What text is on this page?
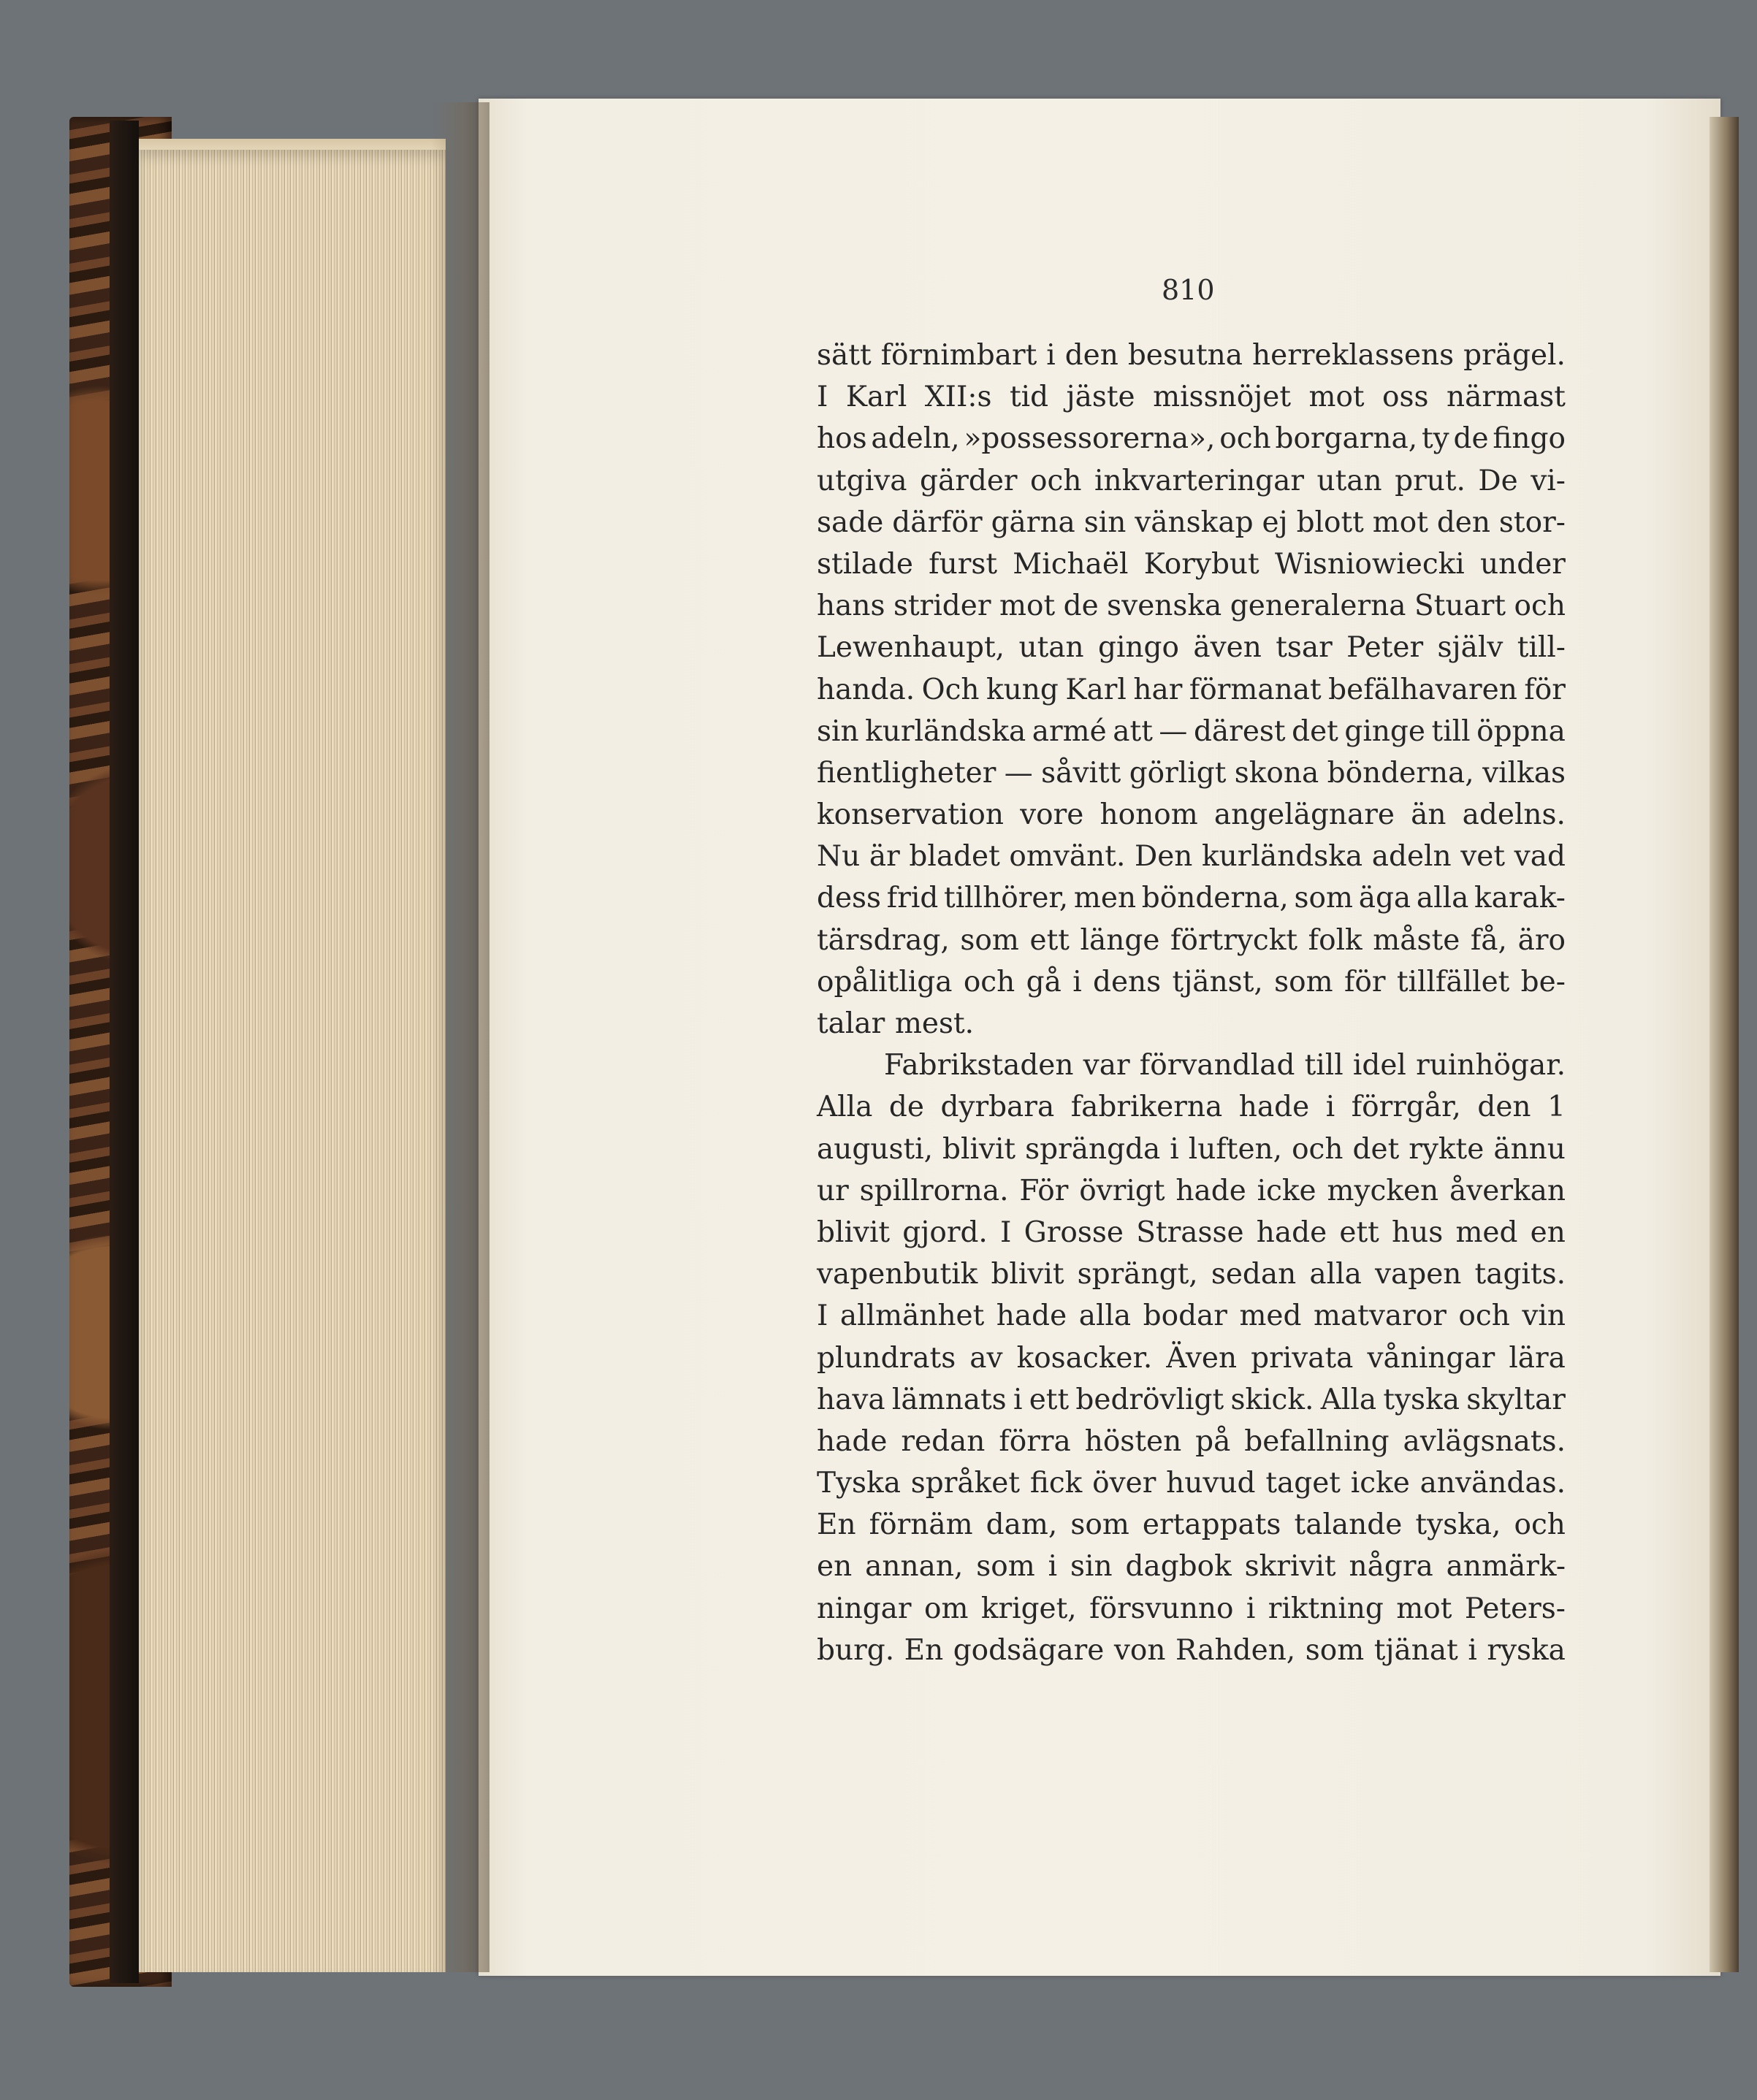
810
sätt förnimbart i den besutna herreklassens prägel.
I Karl XII:s tid jäste missnöjet mot oss närmast
hos adeln, »possessorerna», och borgarna, ty de fingo
utgiva gärder och inkvarteringar utan prut. De vi-
sade därför gärna sin vänskap ej blott mot den stor-
stilade furst Michaël Korybut Wisniowiecki under
hans strider mot de svenska generalerna Stuart och
Lewenhaupt, utan gingo även tsar Peter själv till-
handa. Och kung Karl har förmanat befälhavaren för
sin kurländska armé att — därest det ginge till öppna
fientligheter — såvitt görligt skona bönderna, vilkas
konservation vore honom angelägnare än adelns.
Nu är bladet omvänt. Den kurländska adeln vet vad
dess frid tillhörer, men bönderna, som äga alla karak-
tärsdrag, som ett länge förtryckt folk måste få, äro
opålitliga och gå i dens tjänst, som för tillfället be-
talar mest.
Fabrikstaden var förvandlad till idel ruinhögar.
Alla de dyrbara fabrikerna hade i förrgår, den 1
augusti, blivit sprängda i luften, och det rykte ännu
ur spillrorna. För övrigt hade icke mycken åverkan
blivit gjord. I Grosse Strasse hade ett hus med en
vapenbutik blivit sprängt, sedan alla vapen tagits.
I allmänhet hade alla bodar med matvaror och vin
plundrats av kosacker. Även privata våningar lära
hava lämnats i ett bedrövligt skick. Alla tyska skyltar
hade redan förra hösten på befallning avlägsnats.
Tyska språket fick över huvud taget icke användas.
En förnäm dam, som ertappats talande tyska, och
en annan, som i sin dagbok skrivit några anmärk-
ningar om kriget, försvunno i riktning mot Peters-
burg. En godsägare von Rahden, som tjänat i ryska
